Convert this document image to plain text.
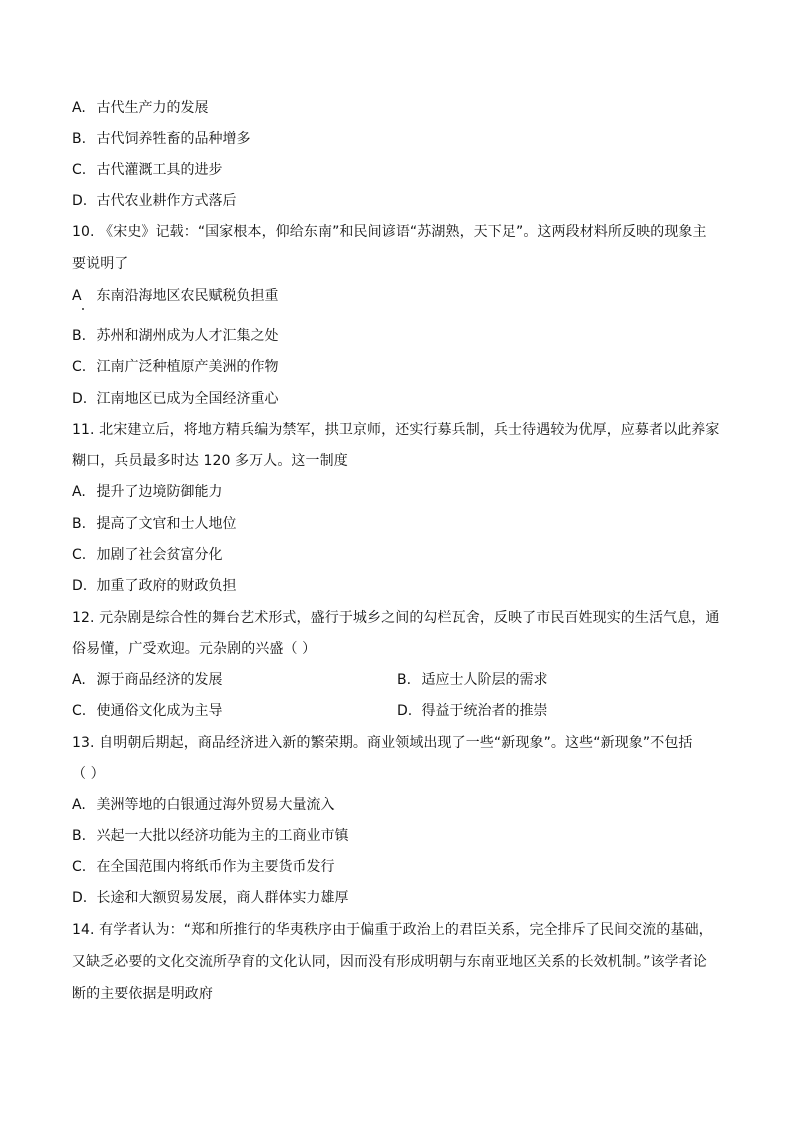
A. 古代生产力的发展
B. 古代饲养牲畜的品种增多
C. 古代灌溉工具的进步
D. 古代农业耕作方式落后
10. 《宋史》记载：“国家根本，仰给东南”和民间谚语“苏湖熟，天下足”。这两段材料所反映的现象主
要说明了
A 东南沿海地区农民赋税负担重
B. 苏州和湖州成为人才汇集之处
C. 江南广泛种植原产美洲的作物
D. 江南地区已成为全国经济重心
11. 北宋建立后，将地方精兵编为禁军，拱卫京师，还实行募兵制，兵士待遇较为优厚，应募者以此养家
糊口，兵员最多时达 120 多万人。这一制度
A. 提升了边境防御能力
B. 提高了文官和士人地位
C. 加剧了社会贫富分化
D. 加重了政府的财政负担
12. 元杂剧是综合性的舞台艺术形式，盛行于城乡之间的勾栏瓦舍，反映了市民百姓现实的生活气息，通
俗易懂，广受欢迎。元杂剧的兴盛（ ）
A. 源于商品经济的发展	B. 适应士人阶层的需求
C. 使通俗文化成为主导	D. 得益于统治者的推崇
13. 自明朝后期起，商品经济进入新的繁荣期。商业领域出现了一些“新现象”。这些“新现象”不包括
（ ）
A. 美洲等地的白银通过海外贸易大量流入
B. 兴起一大批以经济功能为主的工商业市镇
C. 在全国范围内将纸币作为主要货币发行
D. 长途和大额贸易发展，商人群体实力雄厚
14. 有学者认为：“郑和所推行的华夷秩序由于偏重于政治上的君臣关系，完全排斥了民间交流的基础，
又缺乏必要的文化交流所孕育的文化认同，因而没有形成明朝与东南亚地区关系的长效机制。”该学者论
断的主要依据是明政府
